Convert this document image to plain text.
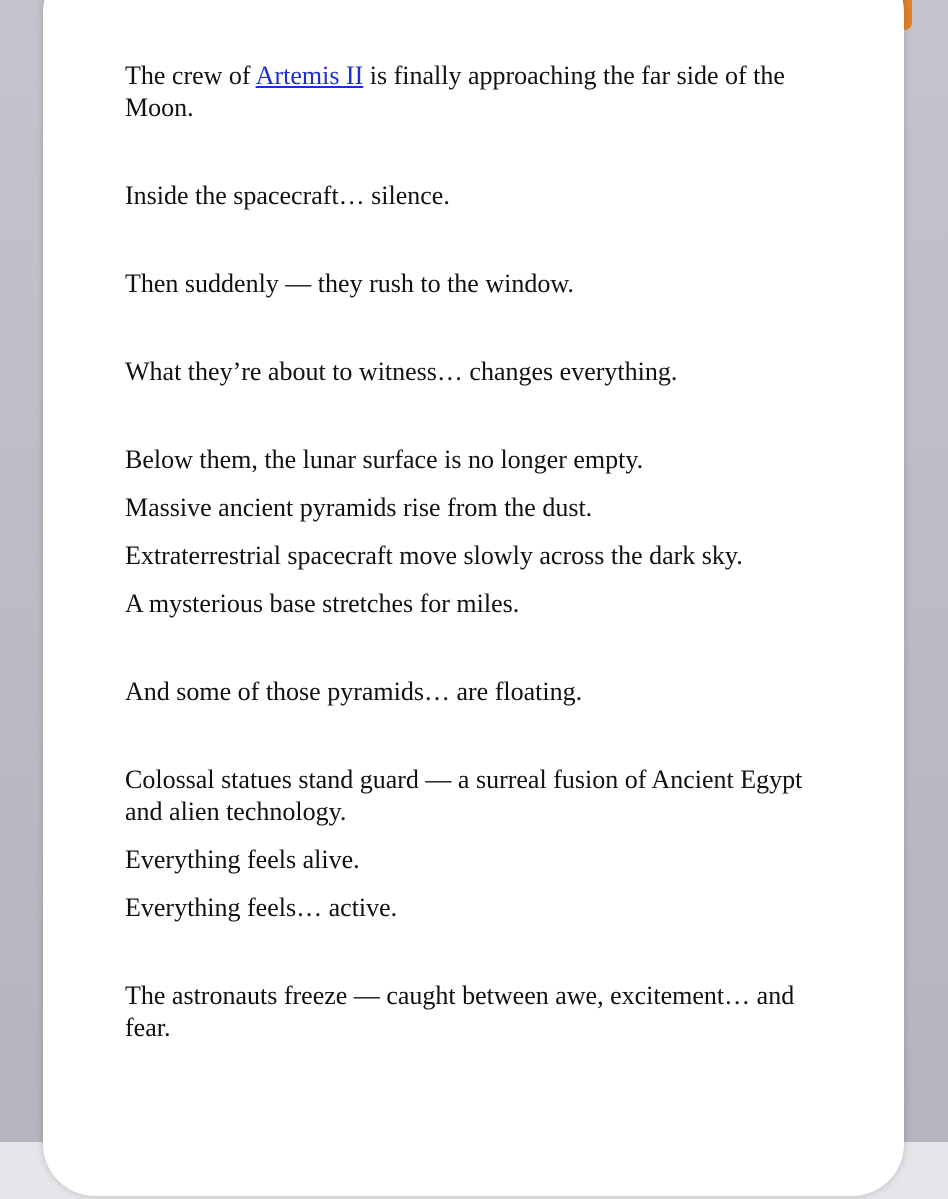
The crew of Artemis II is finally approaching the far side of the Moon.

Inside the spacecraft… silence.

Then suddenly — they rush to the window.

What they’re about to witness… changes everything.

Below them, the lunar surface is no longer empty.

Massive ancient pyramids rise from the dust.

Extraterrestrial spacecraft move slowly across the dark sky.

A mysterious base stretches for miles.

And some of those pyramids… are floating.

Colossal statues stand guard — a surreal fusion of Ancient Egypt and alien technology.

Everything feels alive.

Everything feels… active.

The astronauts freeze — caught between awe, excitement… and fear.
